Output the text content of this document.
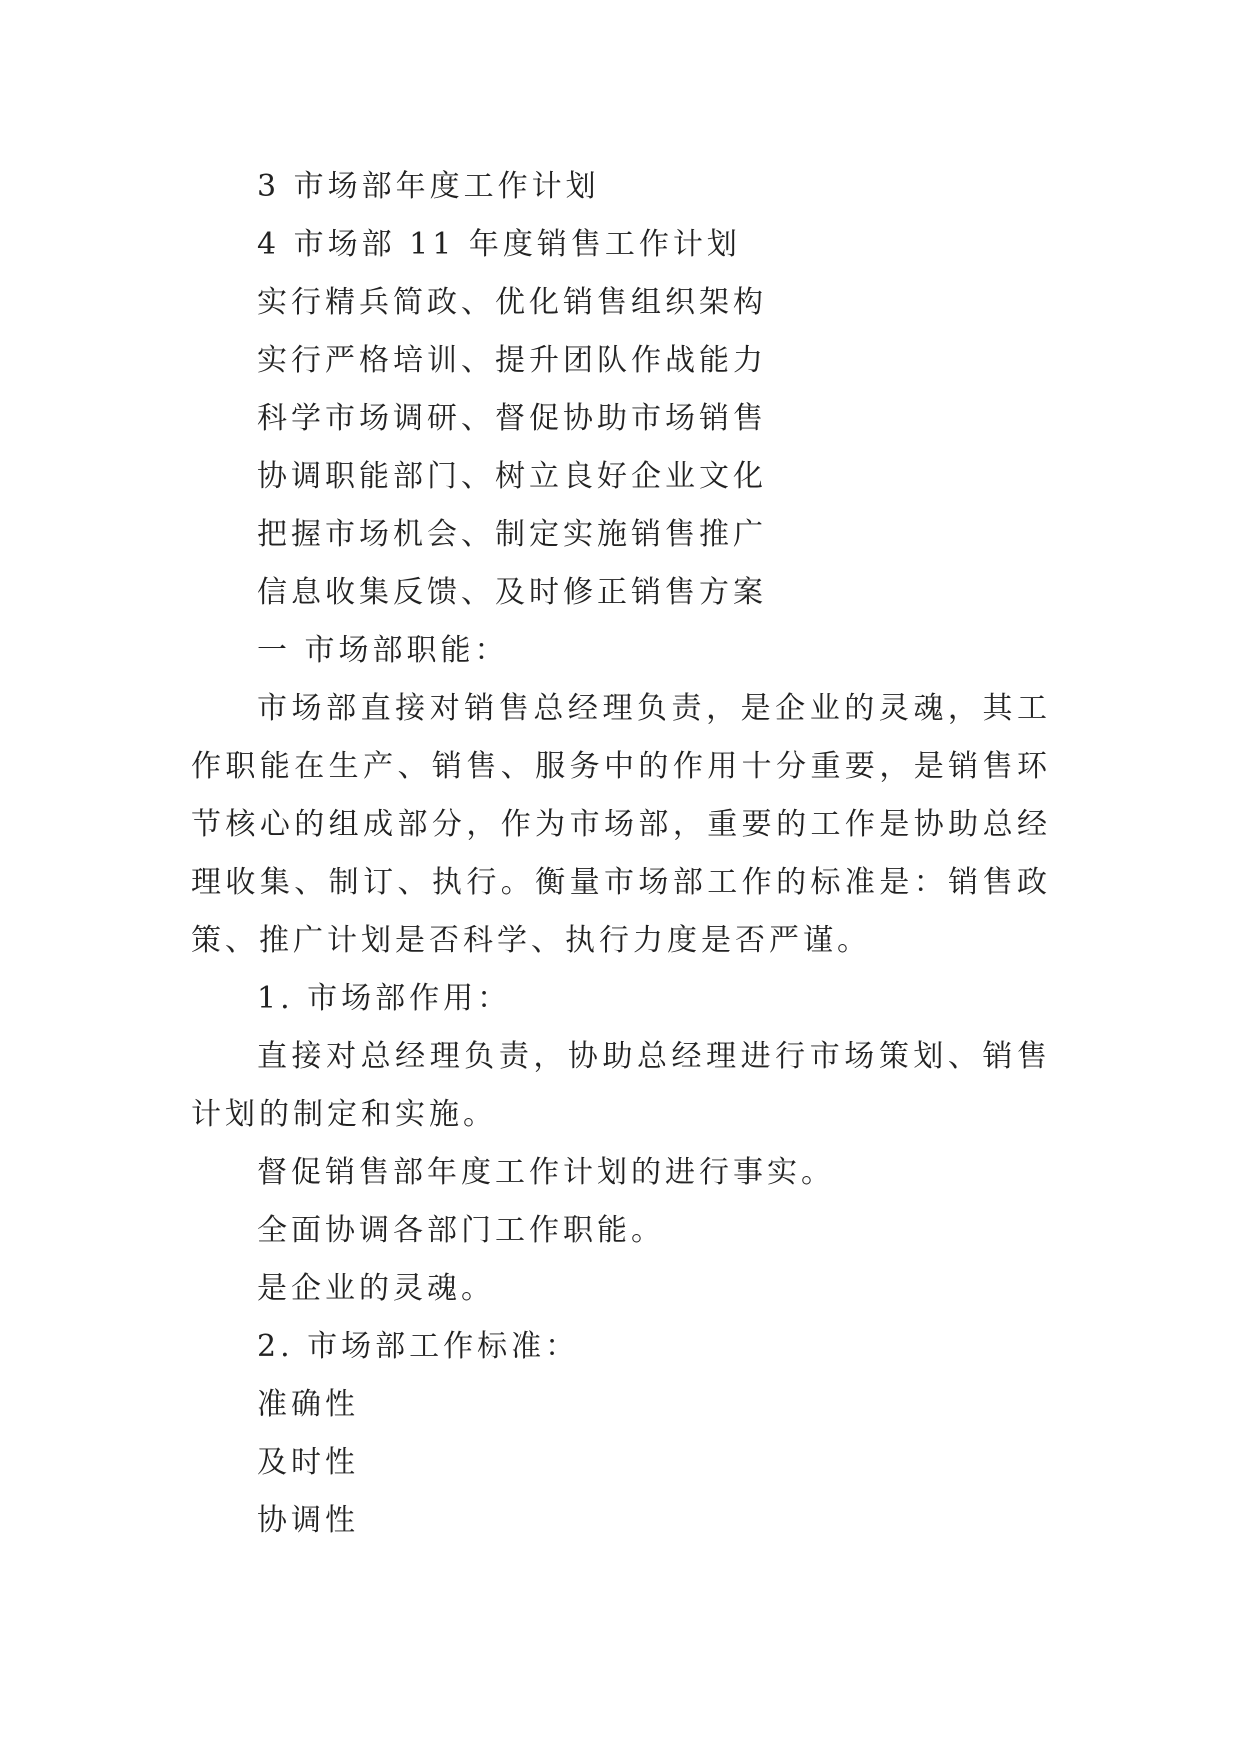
3 市场部年度工作计划
4 市场部 11 年度销售工作计划
实行精兵简政、优化销售组织架构
实行严格培训、提升团队作战能力
科学市场调研、督促协助市场销售
协调职能部门、树立良好企业文化
把握市场机会、制定实施销售推广
信息收集反馈、及时修正销售方案
一 市场部职能：

市场部直接对销售总经理负责，是企业的灵魂，其工作职能在生产、销售、服务中的作用十分重要，是销售环节核心的组成部分，作为市场部，重要的工作是协助总经理收集、制订、执行。衡量市场部工作的标准是：销售政策、推广计划是否科学、执行力度是否严谨。

1. 市场部作用：

直接对总经理负责，协助总经理进行市场策划、销售计划的制定和实施。

督促销售部年度工作计划的进行事实。
全面协调各部门工作职能。
是企业的灵魂。
2. 市场部工作标准：
准确性
及时性
协调性
